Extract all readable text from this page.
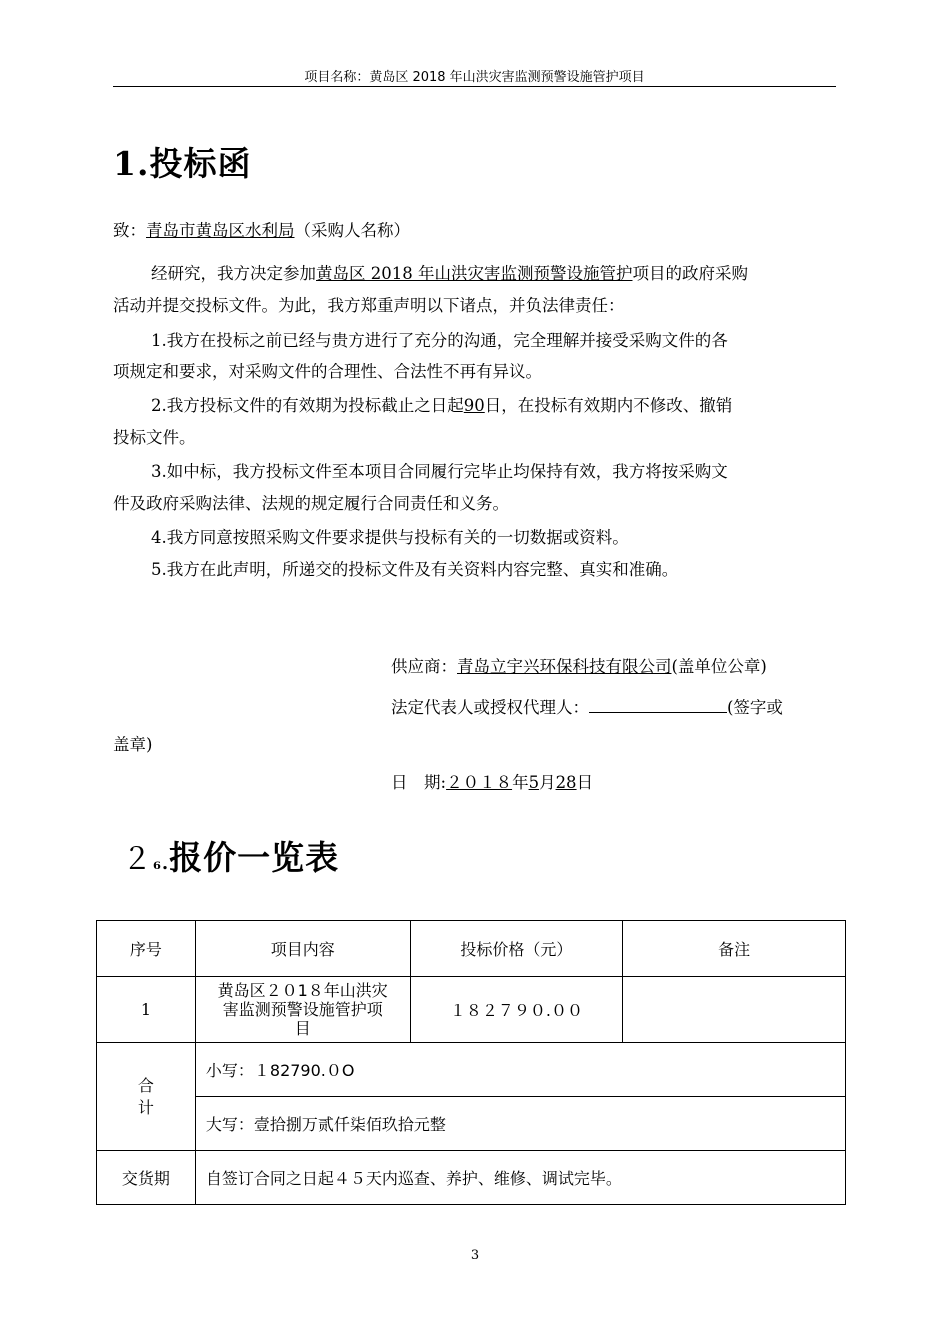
项目名称：黄岛区 2018 年山洪灾害监测预警设施管护项目
1.投标函
致：青岛市黄岛区水利局（采购人名称）
经研究，我方决定参加黄岛区 2018 年山洪灾害监测预警设施管护项目的政府采购
活动并提交投标文件。为此，我方郑重声明以下诸点，并负法律责任：
1.我方在投标之前已经与贵方进行了充分的沟通，完全理解并接受采购文件的各
项规定和要求，对采购文件的合理性、合法性不再有异议。
2.我方投标文件的有效期为投标截止之日起90日，在投标有效期内不修改、撤销
投标文件。
3.如中标，我方投标文件至本项目合同履行完毕止均保持有效，我方将按采购文
件及政府采购法律、法规的规定履行合同责任和义务。
4.我方同意按照采购文件要求提供与投标有关的一切数据或资料。
5.我方在此声明，所递交的投标文件及有关资料内容完整、真实和准确。
供应商：青岛立宇兴环保科技有限公司(盖单位公章)
法定代表人或授权代理人：	(签字或
盖章)
日　期:２０１８年5月28日
２₆.报价一览表
序号	项目内容	投标价格（元）	备注
1	黄岛区２０1８年山洪灾
害监测预警设施管护项
目	１８２７９０.００	

合
计	小写：１82790.０O		
	大写：壹拾捌万贰仟柒佰玖拾元整		
交货期	自签订合同之日起４５天内巡查、养护、维修、调试完毕。		
3
